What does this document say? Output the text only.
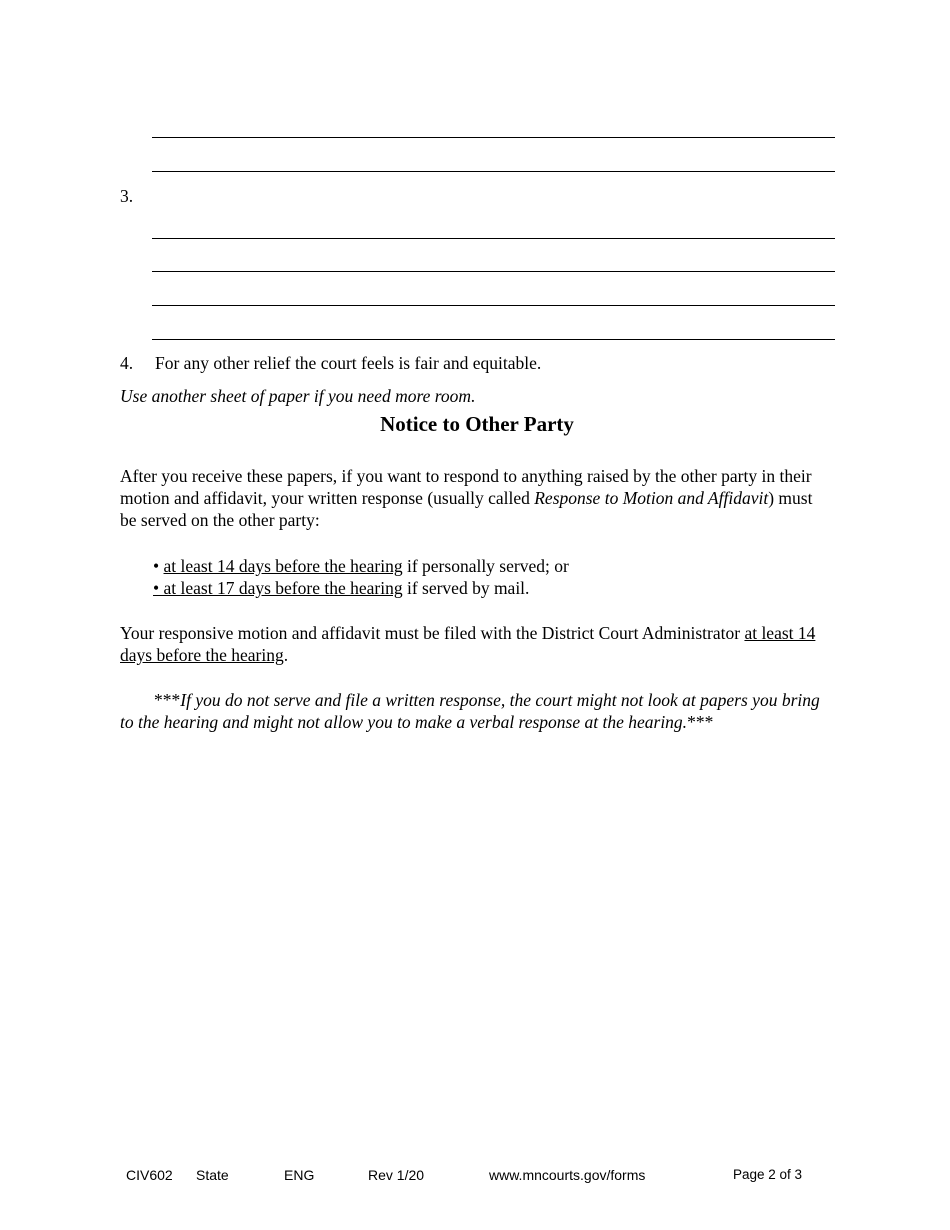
3.
4. For any other relief the court feels is fair and equitable.
Use another sheet of paper if you need more room.
Notice to Other Party
After you receive these papers, if you want to respond to anything raised by the other party in their motion and affidavit, your written response (usually called Response to Motion and Affidavit) must be served on the other party:
• at least 14 days before the hearing if personally served; or
• at least 17 days before the hearing if served by mail.
Your responsive motion and affidavit must be filed with the District Court Administrator at least 14 days before the hearing.
***If you do not serve and file a written response, the court might not look at papers you bring to the hearing and might not allow you to make a verbal response at the hearing.***
CIV602 State	ENG	Rev 1/20	www.mncourts.gov/forms	Page 2 of 3
